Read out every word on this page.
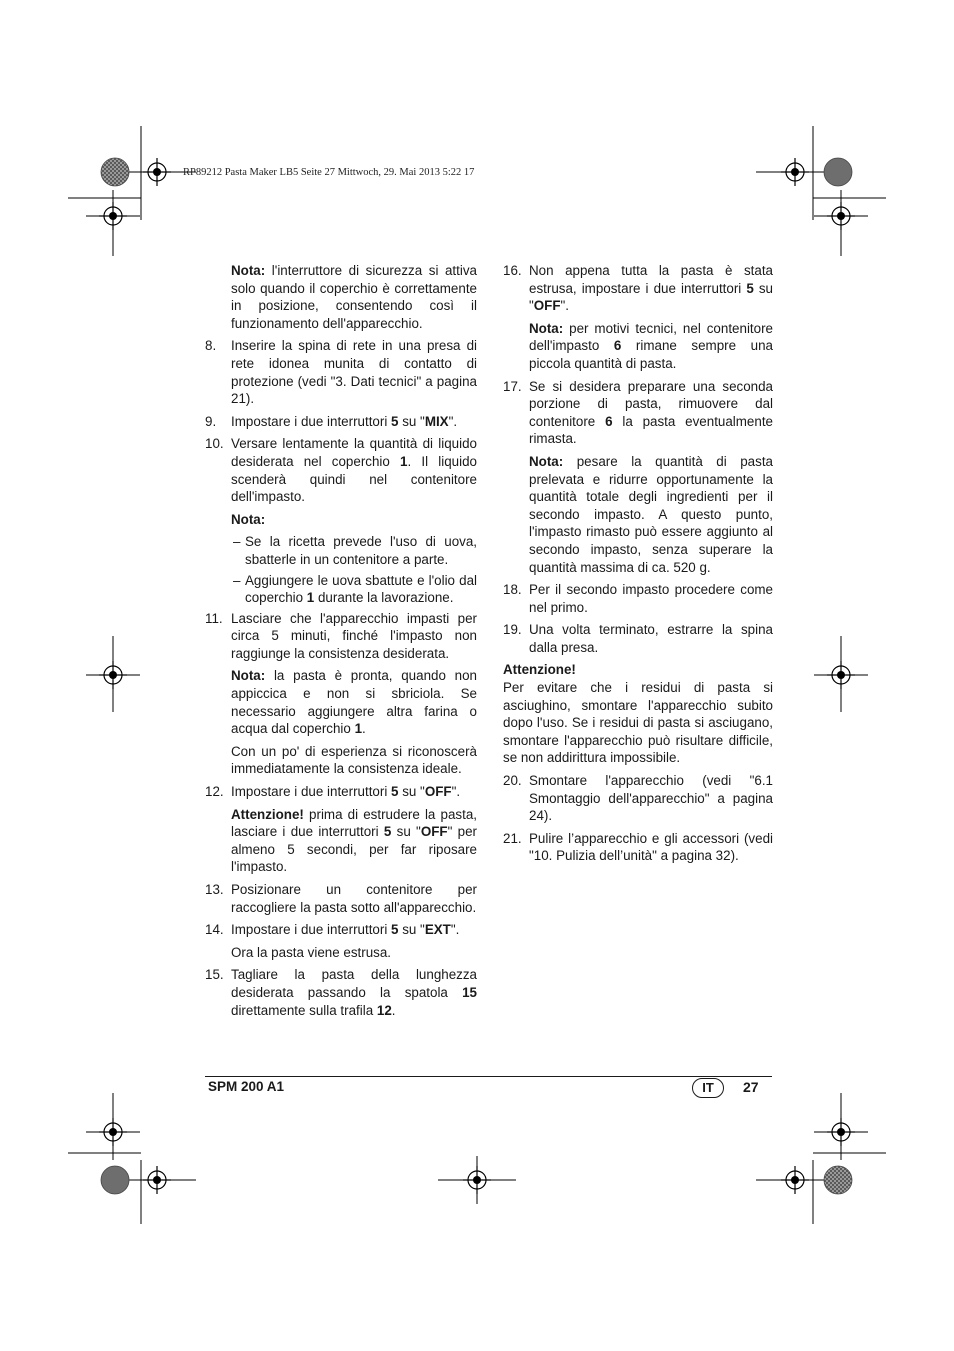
RP89212 Pasta Maker LB5 Seite 27 Mittwoch, 29. Mai 2013 5:22 17

Nota: l'interruttore di sicurezza si attiva solo quando il coperchio è correttamente in posizione, consentendo così il funzionamento dell'apparecchio.

8. Inserire la spina di rete in una presa di rete idonea munita di contatto di protezione (vedi "3. Dati tecnici" a pagina 21).

9. Impostare i due interruttori 5 su "MIX".

10. Versare lentamente la quantità di liquido desiderata nel coperchio 1. Il liquido scenderà quindi nel contenitore dell'impasto.

Nota:

– Se la ricetta prevede l'uso di uova, sbatterle in un contenitore a parte.

– Aggiungere le uova sbattute e l'olio dal coperchio 1 durante la lavorazione.

11. Lasciare che l'apparecchio impasti per circa 5 minuti, finché l'impasto non raggiunge la consistenza desiderata.

Nota: la pasta è pronta, quando non appiccica e non si sbriciola. Se necessario aggiungere altra farina o acqua dal coperchio 1.

Con un po' di esperienza si riconoscerà immediatamente la consistenza ideale.

12. Impostare i due interruttori 5 su "OFF".

Attenzione! prima di estrudere la pasta, lasciare i due interruttori 5 su "OFF" per almeno 5 secondi, per far riposare l'impasto.

13. Posizionare un contenitore per raccogliere la pasta sotto all'apparecchio.

14. Impostare i due interruttori 5 su "EXT".

Ora la pasta viene estrusa.

15. Tagliare la pasta della lunghezza desiderata passando la spatola 15 direttamente sulla trafila 12.

16. Non appena tutta la pasta è stata estrusa, impostare i due interruttori 5 su "OFF".

Nota: per motivi tecnici, nel contenitore dell'impasto 6 rimane sempre una piccola quantità di pasta.

17. Se si desidera preparare una seconda porzione di pasta, rimuovere dal contenitore 6 la pasta eventualmente rimasta.

Nota: pesare la quantità di pasta prelevata e ridurre opportunamente la quantità totale degli ingredienti per il secondo impasto. A questo punto, l'impasto rimasto può essere aggiunto al secondo impasto, senza superare la quantità massima di ca. 520 g.

18. Per il secondo impasto procedere come nel primo.

19. Una volta terminato, estrarre la spina dalla presa.

Attenzione!

Per evitare che i residui di pasta si asciughino, smontare l'apparecchio subito dopo l'uso. Se i residui di pasta si asciugano, smontare l'apparecchio può risultare difficile, se non addirittura impossibile.

20. Smontare l'apparecchio (vedi "6.1 Smontaggio dell'apparecchio" a pagina 24).

21. Pulire l’apparecchio e gli accessori (vedi "10. Pulizia dell’unità" a pagina 32).

SPM 200 A1	IT	27
